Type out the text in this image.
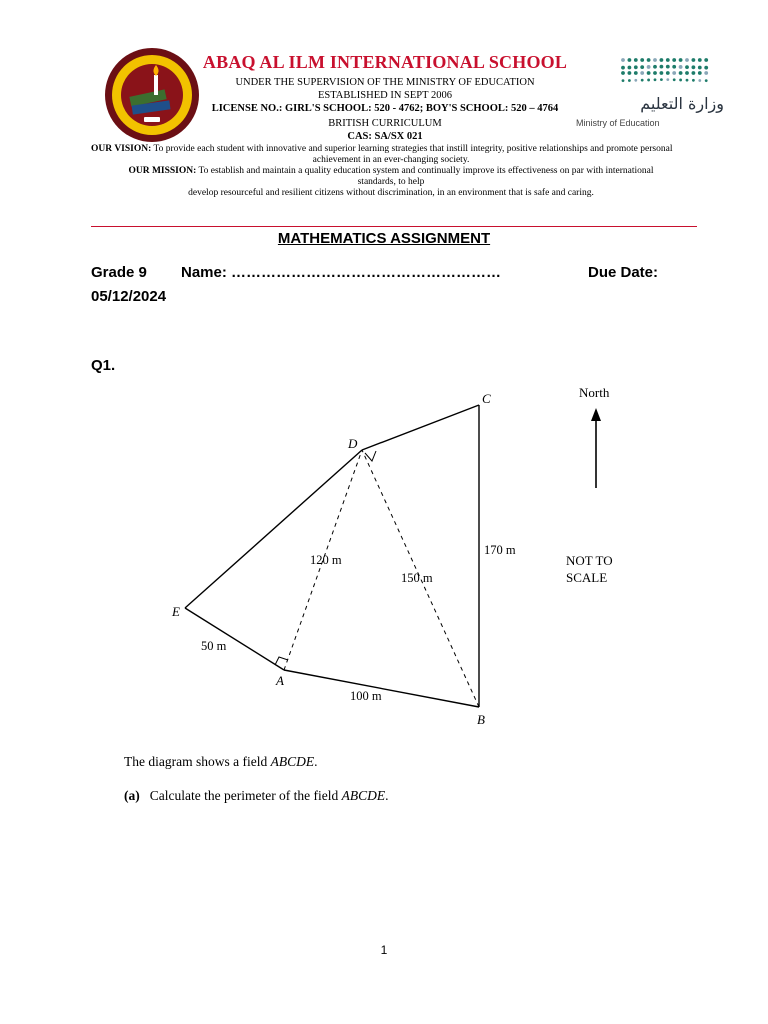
ABAQ AL ILM INTERNATIONAL SCHOOL
UNDER THE SUPERVISION OF THE MINISTRY OF EDUCATION
ESTABLISHED IN SEPT 2006
LICENSE NO.: GIRL'S SCHOOL: 520 - 4762; BOY'S SCHOOL: 520 – 4764
BRITISH CURRICULUM
CAS: SA/SX 021
وزارة التعليم
Ministry of Education
OUR VISION: To provide each student with innovative and superior learning strategies that instill integrity, positive relationships and promote personal
achievement in an ever-changing society.
OUR MISSION: To establish and maintain a quality education system and continually improve its effectiveness on par with international
standards, to help
develop resourceful and resilient citizens without discrimination, in an environment that is safe and caring.
MATHEMATICS ASSIGNMENT
Grade 9 Name: ………………………………………………	Due Date:
05/12/2024
Q1.
A
B
C
D
E
50 m
100 m
120 m
150 m
170 m
North
NOT TO
SCALE
The diagram shows a field ABCDE.
(a) Calculate the perimeter of the field ABCDE.
1
